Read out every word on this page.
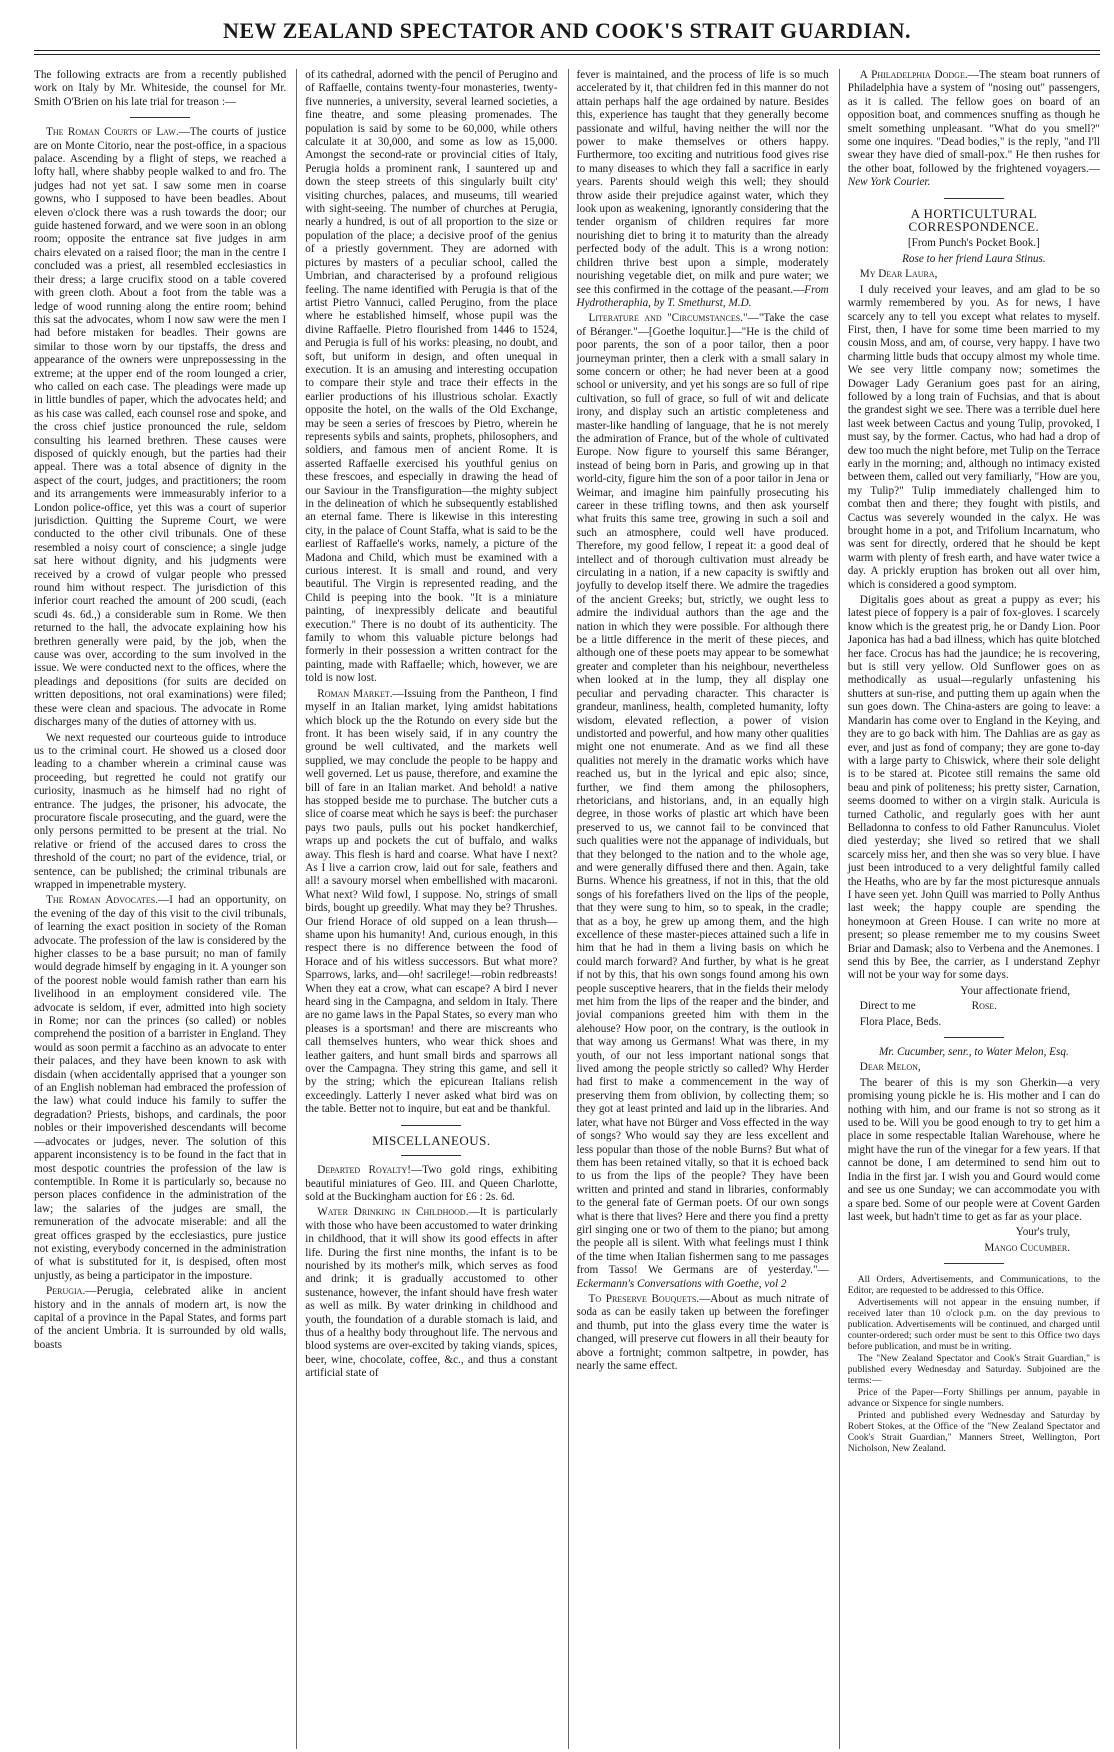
NEW ZEALAND SPECTATOR AND COOK'S STRAIT GUARDIAN.

The following extracts are from a recently published work on Italy by Mr. Whiteside, the counsel for Mr. Smith O'Brien on his late trial for treason :—

The Roman Courts of Law.—The courts of justice are on Monte Citorio, near the post-office, in a spacious palace. Ascending by a flight of steps, we reached a lofty hall, where shabby people walked to and fro. The judges had not yet sat. I saw some men in coarse gowns, who I supposed to have been beadles. About eleven o'clock there was a rush towards the door; our guide hastened forward, and we were soon in an oblong room; opposite the entrance sat five judges in arm chairs elevated on a raised floor; the man in the centre I concluded was a priest, all resembled ecclesiastics in their dress; a large crucifix stood on a table covered with green cloth. About a foot from the table was a ledge of wood running along the entire room; behind this sat the advocates, whom I now saw were the men I had before mistaken for beadles. Their gowns are similar to those worn by our tipstaffs, the dress and appearance of the owners were unprepossessing in the extreme; at the upper end of the room lounged a crier, who called on each case. The pleadings were made up in little bundles of paper, which the advocates held; and as his case was called, each counsel rose and spoke, and the cross chief justice pronounced the rule, seldom consulting his learned brethren. These causes were disposed of quickly enough, but the parties had their appeal. There was a total absence of dignity in the aspect of the court, judges, and practitioners; the room and its arrangements were immeasurably inferior to a London police-office, yet this was a court of superior jurisdiction. Quitting the Supreme Court, we were conducted to the other civil tribunals. One of these resembled a noisy court of conscience; a single judge sat here without dignity, and his judgments were received by a crowd of vulgar people who pressed round him without respect. The jurisdiction of this inferior court reached the amount of 200 scudi, (each scudi 4s. 6d.,) a considerable sum in Rome. We then returned to the hall, the advocate explaining how his brethren generally were paid, by the job, when the cause was over, according to the sum involved in the issue. We were conducted next to the offices, where the pleadings and depositions (for suits are decided on written depositions, not oral examinations) were filed; these were clean and spacious. The advocate in Rome discharges many of the duties of attorney with us.

We next requested our courteous guide to introduce us to the criminal court. He showed us a closed door leading to a chamber wherein a criminal cause was proceeding, but regretted he could not gratify our curiosity, inasmuch as he himself had no right of entrance. The judges, the prisoner, his advocate, the procuratore fiscale prosecuting, and the guard, were the only persons permitted to be present at the trial. No relative or friend of the accused dares to cross the threshold of the court; no part of the evidence, trial, or sentence, can be published; the criminal tribunals are wrapped in impenetrable mystery.

The Roman Advocates.—I had an opportunity, on the evening of the day of this visit to the civil tribunals, of learning the exact position in society of the Roman advocate. The profession of the law is considered by the higher classes to be a base pursuit; no man of family would degrade himself by engaging in it. A younger son of the poorest noble would famish rather than earn his livelihood in an employment considered vile. The advocate is seldom, if ever, admitted into high society in Rome; nor can the princes (so called) or nobles comprehend the position of a barrister in England. They would as soon permit a facchino as an advocate to enter their palaces, and they have been known to ask with disdain (when accidentally apprised that a younger son of an English nobleman had embraced the profession of the law) what could induce his family to suffer the degradation? Priests, bishops, and cardinals, the poor nobles or their impoverished descendants will become—advocates or judges, never. The solution of this apparent inconsistency is to be found in the fact that in most despotic countries the profession of the law is contemptible. In Rome it is particularly so, because no person places confidence in the administration of the law; the salaries of the judges are small, the remuneration of the advocate miserable: and all the great offices grasped by the ecclesiastics, pure justice not existing, everybody concerned in the administration of what is substituted for it, is despised, often most unjustly, as being a participator in the imposture.

Perugia.—Perugia, celebrated alike in ancient history and in the annals of modern art, is now the capital of a province in the Papal States, and forms part of the ancient Umbria. It is surrounded by old walls, boasts

of its cathedral, adorned with the pencil of Perugino and of Raffaelle, contains twenty-four monasteries, twenty-five nunneries, a university, several learned societies, a fine theatre, and some pleasing promenades. The population is said by some to be 60,000, while others calculate it at 30,000, and some as low as 15,000. Amongst the second-rate or provincial cities of Italy, Perugia holds a prominent rank, I sauntered up and down the steep streets of this singularly built city' visiting churches, palaces, and museums, till wearied with sight-seeing. The number of churches at Perugia, nearly a hundred, is out of all proportion to the size or population of the place; a decisive proof of the genius of a priestly government. They are adorned with pictures by masters of a peculiar school, called the Umbrian, and characterised by a profound religious feeling. The name identified with Perugia is that of the artist Pietro Vannuci, called Perugino, from the place where he established himself, whose pupil was the divine Raffaelle. Pietro flourished from 1446 to 1524, and Perugia is full of his works: pleasing, no doubt, and soft, but uniform in design, and often unequal in execution. It is an amusing and interesting occupation to compare their style and trace their effects in the earlier productions of his illustrious scholar. Exactly opposite the hotel, on the walls of the Old Exchange, may be seen a series of frescoes by Pietro, wherein he represents sybils and saints, prophets, philosophers, and soldiers, and famous men of ancient Rome. It is asserted Raffaelle exercised his youthful genius on these frescoes, and especially in drawing the head of our Saviour in the Transfiguration—the mighty subject in the delineation of which he subsequently established an eternal fame. There is likewise in this interesting city, in the palace of Count Staffa, what is said to be the earliest of Raffaelle's works, namely, a picture of the Madona and Child, which must be examined with a curious interest. It is small and round, and very beautiful. The Virgin is represented reading, and the Child is peeping into the book. "It is a miniature painting, of inexpressibly delicate and beautiful execution." There is no doubt of its authenticity. The family to whom this valuable picture belongs had formerly in their possession a written contract for the painting, made with Raffaelle; which, however, we are told is now lost.

Roman Market.—Issuing from the Pantheon, I find myself in an Italian market, lying amidst habitations which block up the the Rotundo on every side but the front. It has been wisely said, if in any country the ground be well cultivated, and the markets well supplied, we may conclude the people to be happy and well governed. Let us pause, therefore, and examine the bill of fare in an Italian market. And behold! a native has stopped beside me to purchase. The butcher cuts a slice of coarse meat which he says is beef: the purchaser pays two pauls, pulls out his pocket handkerchief, wraps up and pockets the cut of buffalo, and walks away. This flesh is hard and coarse. What have I next? As I live a carrion crow, laid out for sale, feathers and all! a savoury morsel when embellished with macaroni. What next? Wild fowl, I suppose. No, strings of small birds, bought up greedily. What may they be? Thrushes. Our friend Horace of old supped on a lean thrush—shame upon his humanity! And, curious enough, in this respect there is no difference between the food of Horace and of his witless successors. But what more? Sparrows, larks, and—oh! sacrilege!—robin redbreasts! When they eat a crow, what can escape? A bird I never heard sing in the Campagna, and seldom in Italy. There are no game laws in the Papal States, so every man who pleases is a sportsman! and there are miscreants who call themselves hunters, who wear thick shoes and leather gaiters, and hunt small birds and sparrows all over the Campagna. They string this game, and sell it by the string; which the epicurean Italians relish exceedingly. Latterly I never asked what bird was on the table. Better not to inquire, but eat and be thankful.

MISCELLANEOUS.

Departed Royalty!—Two gold rings, exhibiting beautiful miniatures of Geo. III. and Queen Charlotte, sold at the Buckingham auction for £6 : 2s. 6d.

Water Drinking in Childhood.—It is particularly with those who have been accustomed to water drinking in childhood, that it will show its good effects in after life. During the first nine months, the infant is to be nourished by its mother's milk, which serves as food and drink; it is gradually accustomed to other sustenance, however, the infant should have fresh water as well as milk. By water drinking in childhood and youth, the foundation of a durable stomach is laid, and thus of a healthy body throughout life. The nervous and blood systems are over-excited by taking viands, spices, beer, wine, chocolate, coffee, &c., and thus a constant artificial state of

fever is maintained, and the process of life is so much accelerated by it, that children fed in this manner do not attain perhaps half the age ordained by nature. Besides this, experience has taught that they generally become passionate and wilful, having neither the will nor the power to make themselves or others happy. Furthermore, too exciting and nutritious food gives rise to many diseases to which they fall a sacrifice in early years. Parents should weigh this well; they should throw aside their prejudice against water, which they look upon as weakening, ignorantly considering that the tender organism of children requires far more nourishing diet to bring it to maturity than the already perfected body of the adult. This is a wrong notion: children thrive best upon a simple, moderately nourishing vegetable diet, on milk and pure water; we see this confirmed in the cottage of the peasant.—From Hydrotheraphia, by T. Smethurst, M.D.

Literature and "Circumstances."—"Take the case of Béranger."—[Goethe loquitur.]—"He is the child of poor parents, the son of a poor tailor, then a poor journeyman printer, then a clerk with a small salary in some concern or other; he had never been at a good school or university, and yet his songs are so full of ripe cultivation, so full of grace, so full of wit and delicate irony, and display such an artistic completeness and master-like handling of language, that he is not merely the admiration of France, but of the whole of cultivated Europe. Now figure to yourself this same Béranger, instead of being born in Paris, and growing up in that world-city, figure him the son of a poor tailor in Jena or Weimar, and imagine him painfully prosecuting his career in these trifling towns, and then ask yourself what fruits this same tree, growing in such a soil and such an atmosphere, could well have produced. Therefore, my good fellow, I repeat it: a good deal of intellect and of thorough cultivation must already be circulating in a nation, if a new capacity is swiftly and joyfully to develop itself there. We admire the tragedies of the ancient Greeks; but, strictly, we ought less to admire the individual authors than the age and the nation in which they were possible. For although there be a little difference in the merit of these pieces, and although one of these poets may appear to be somewhat greater and completer than his neighbour, nevertheless when looked at in the lump, they all display one peculiar and pervading character. This character is grandeur, manliness, health, completed humanity, lofty wisdom, elevated reflection, a power of vision undistorted and powerful, and how many other qualities might one not enumerate. And as we find all these qualities not merely in the dramatic works which have reached us, but in the lyrical and epic also; since, further, we find them among the philosophers, rhetoricians, and historians, and, in an equally high degree, in those works of plastic art which have been preserved to us, we cannot fail to be convinced that such qualities were not the appanage of individuals, but that they belonged to the nation and to the whole age, and were generally diffused there and then. Again, take Burns. Whence his greatness, if not in this, that the old songs of his forefathers lived on the lips of the people, that they were sung to him, so to speak, in the cradle; that as a boy, he grew up among them, and the high excellence of these master-pieces attained such a life in him that he had in them a living basis on which he could march forward? And further, by what is he great if not by this, that his own songs found among his own people susceptive hearers, that in the fields their melody met him from the lips of the reaper and the binder, and jovial companions greeted him with them in the alehouse? How poor, on the contrary, is the outlook in that way among us Germans! What was there, in my youth, of our not less important national songs that lived among the people strictly so called? Why Herder had first to make a commencement in the way of preserving them from oblivion, by collecting them; so they got at least printed and laid up in the libraries. And later, what have not Bürger and Voss effected in the way of songs? Who would say they are less excellent and less popular than those of the noble Burns? But what of them has been retained vitally, so that it is echoed back to us from the lips of the people? They have been written and printed and stand in libraries, conformably to the general fate of German poets. Of our own songs what is there that lives? Here and there you find a pretty girl singing one or two of them to the piano; but among the people all is silent. With what feelings must I think of the time when Italian fishermen sang to me passages from Tasso! We Germans are of yesterday."—Eckermann's Conversations with Goethe, vol 2

To Preserve Bouquets.—About as much nitrate of soda as can be easily taken up between the forefinger and thumb, put into the glass every time the water is changed, will preserve cut flowers in all their beauty for above a fortnight; common saltpetre, in powder, has nearly the same effect.

A Philadelphia Dodge.—The steam boat runners of Philadelphia have a system of "nosing out" passengers, as it is called. The fellow goes on board of an opposition boat, and commences snuffing as though he smelt something unpleasant. "What do you smell?" some one inquires. "Dead bodies," is the reply, "and I'll swear they have died of small-pox." He then rushes for the other boat, followed by the frightened voyagers.—New York Courier.

A HORTICULTURAL CORRESPONDENCE.

[From Punch's Pocket Book.]

Rose to her friend Laura Stinus.

My Dear Laura,

I duly received your leaves, and am glad to be so warmly remembered by you. As for news, I have scarcely any to tell you except what relates to myself. First, then, I have for some time been married to my cousin Moss, and am, of course, very happy. I have two charming little buds that occupy almost my whole time. We see very little company now; sometimes the Dowager Lady Geranium goes past for an airing, followed by a long train of Fuchsias, and that is about the grandest sight we see. There was a terrible duel here last week between Cactus and young Tulip, provoked, I must say, by the former. Cactus, who had had a drop of dew too much the night before, met Tulip on the Terrace early in the morning; and, although no intimacy existed between them, called out very familiarly, "How are you, my Tulip?" Tulip immediately challenged him to combat then and there; they fought with pistils, and Cactus was severely wounded in the calyx. He was brought home in a pot, and Trifolium Incarnatum, who was sent for directly, ordered that he should be kept warm with plenty of fresh earth, and have water twice a day. A prickly eruption has broken out all over him, which is considered a good symptom.

Digitalis goes about as great a puppy as ever; his latest piece of foppery is a pair of fox-gloves. I scarcely know which is the greatest prig, he or Dandy Lion. Poor Japonica has had a bad illness, which has quite blotched her face. Crocus has had the jaundice; he is recovering, but is still very yellow. Old Sunflower goes on as methodically as usual—regularly unfastening his shutters at sun-rise, and putting them up again when the sun goes down. The China-asters are going to leave: a Mandarin has come over to England in the Keying, and they are to go back with him. The Dahlias are as gay as ever, and just as fond of company; they are gone to-day with a large party to Chiswick, where their sole delight is to be stared at. Picotee still remains the same old beau and pink of politeness; his pretty sister, Carnation, seems doomed to wither on a virgin stalk. Auricula is turned Catholic, and regularly goes with her aunt Belladonna to confess to old Father Ranunculus. Violet died yesterday; she lived so retired that we shall scarcely miss her, and then she was so very blue. I have just been introduced to a very delightful family called the Heaths, who are by far the most picturesque annuals I have seen yet. John Quill was married to Polly Anthus last week; the happy couple are spending the honeymoon at Green House. I can write no more at present; so please remember me to my cousins Sweet Briar and Damask; also to Verbena and the Anemones. I send this by Bee, the carrier, as I understand Zephyr will not be your way for some days.

Your affectionate friend,

Direct to me	Rose.

Flora Place, Beds.

Mr. Cucumber, senr., to Water Melon, Esq.

Dear Melon,

The bearer of this is my son Gherkin—a very promising young pickle he is. His mother and I can do nothing with him, and our frame is not so strong as it used to be. Will you be good enough to try to get him a place in some respectable Italian Warehouse, where he might have the run of the vinegar for a few years. If that cannot be done, I am determined to send him out to India in the first jar. I wish you and Gourd would come and see us one Sunday; we can accommodate you with a spare bed. Some of our people were at Covent Garden last week, but hadn't time to get as far as your place.

Your's truly,

Mango Cucumber.

All Orders, Advertisements, and Communications, to the Editor, are requested to be addressed to this Office.

Advertisements will not appear in the ensuing number, if received later than 10 o'clock p.m. on the day previous to publication. Advertisements will be continued, and charged until counter-ordered; such order must be sent to this Office two days before publication, and must be in writing.

The "New Zealand Spectator and Cook's Strait Guardian," is published every Wednesday and Saturday. Subjoined are the terms:—

Price of the Paper—Forty Shillings per annum, payable in advance or Sixpence for single numbers.

Printed and published every Wednesday and Saturday by Robert Stokes, at the Office of the "New Zealand Spectator and Cook's Strait Guardian," Manners Street, Wellington, Port Nicholson, New Zealand.
